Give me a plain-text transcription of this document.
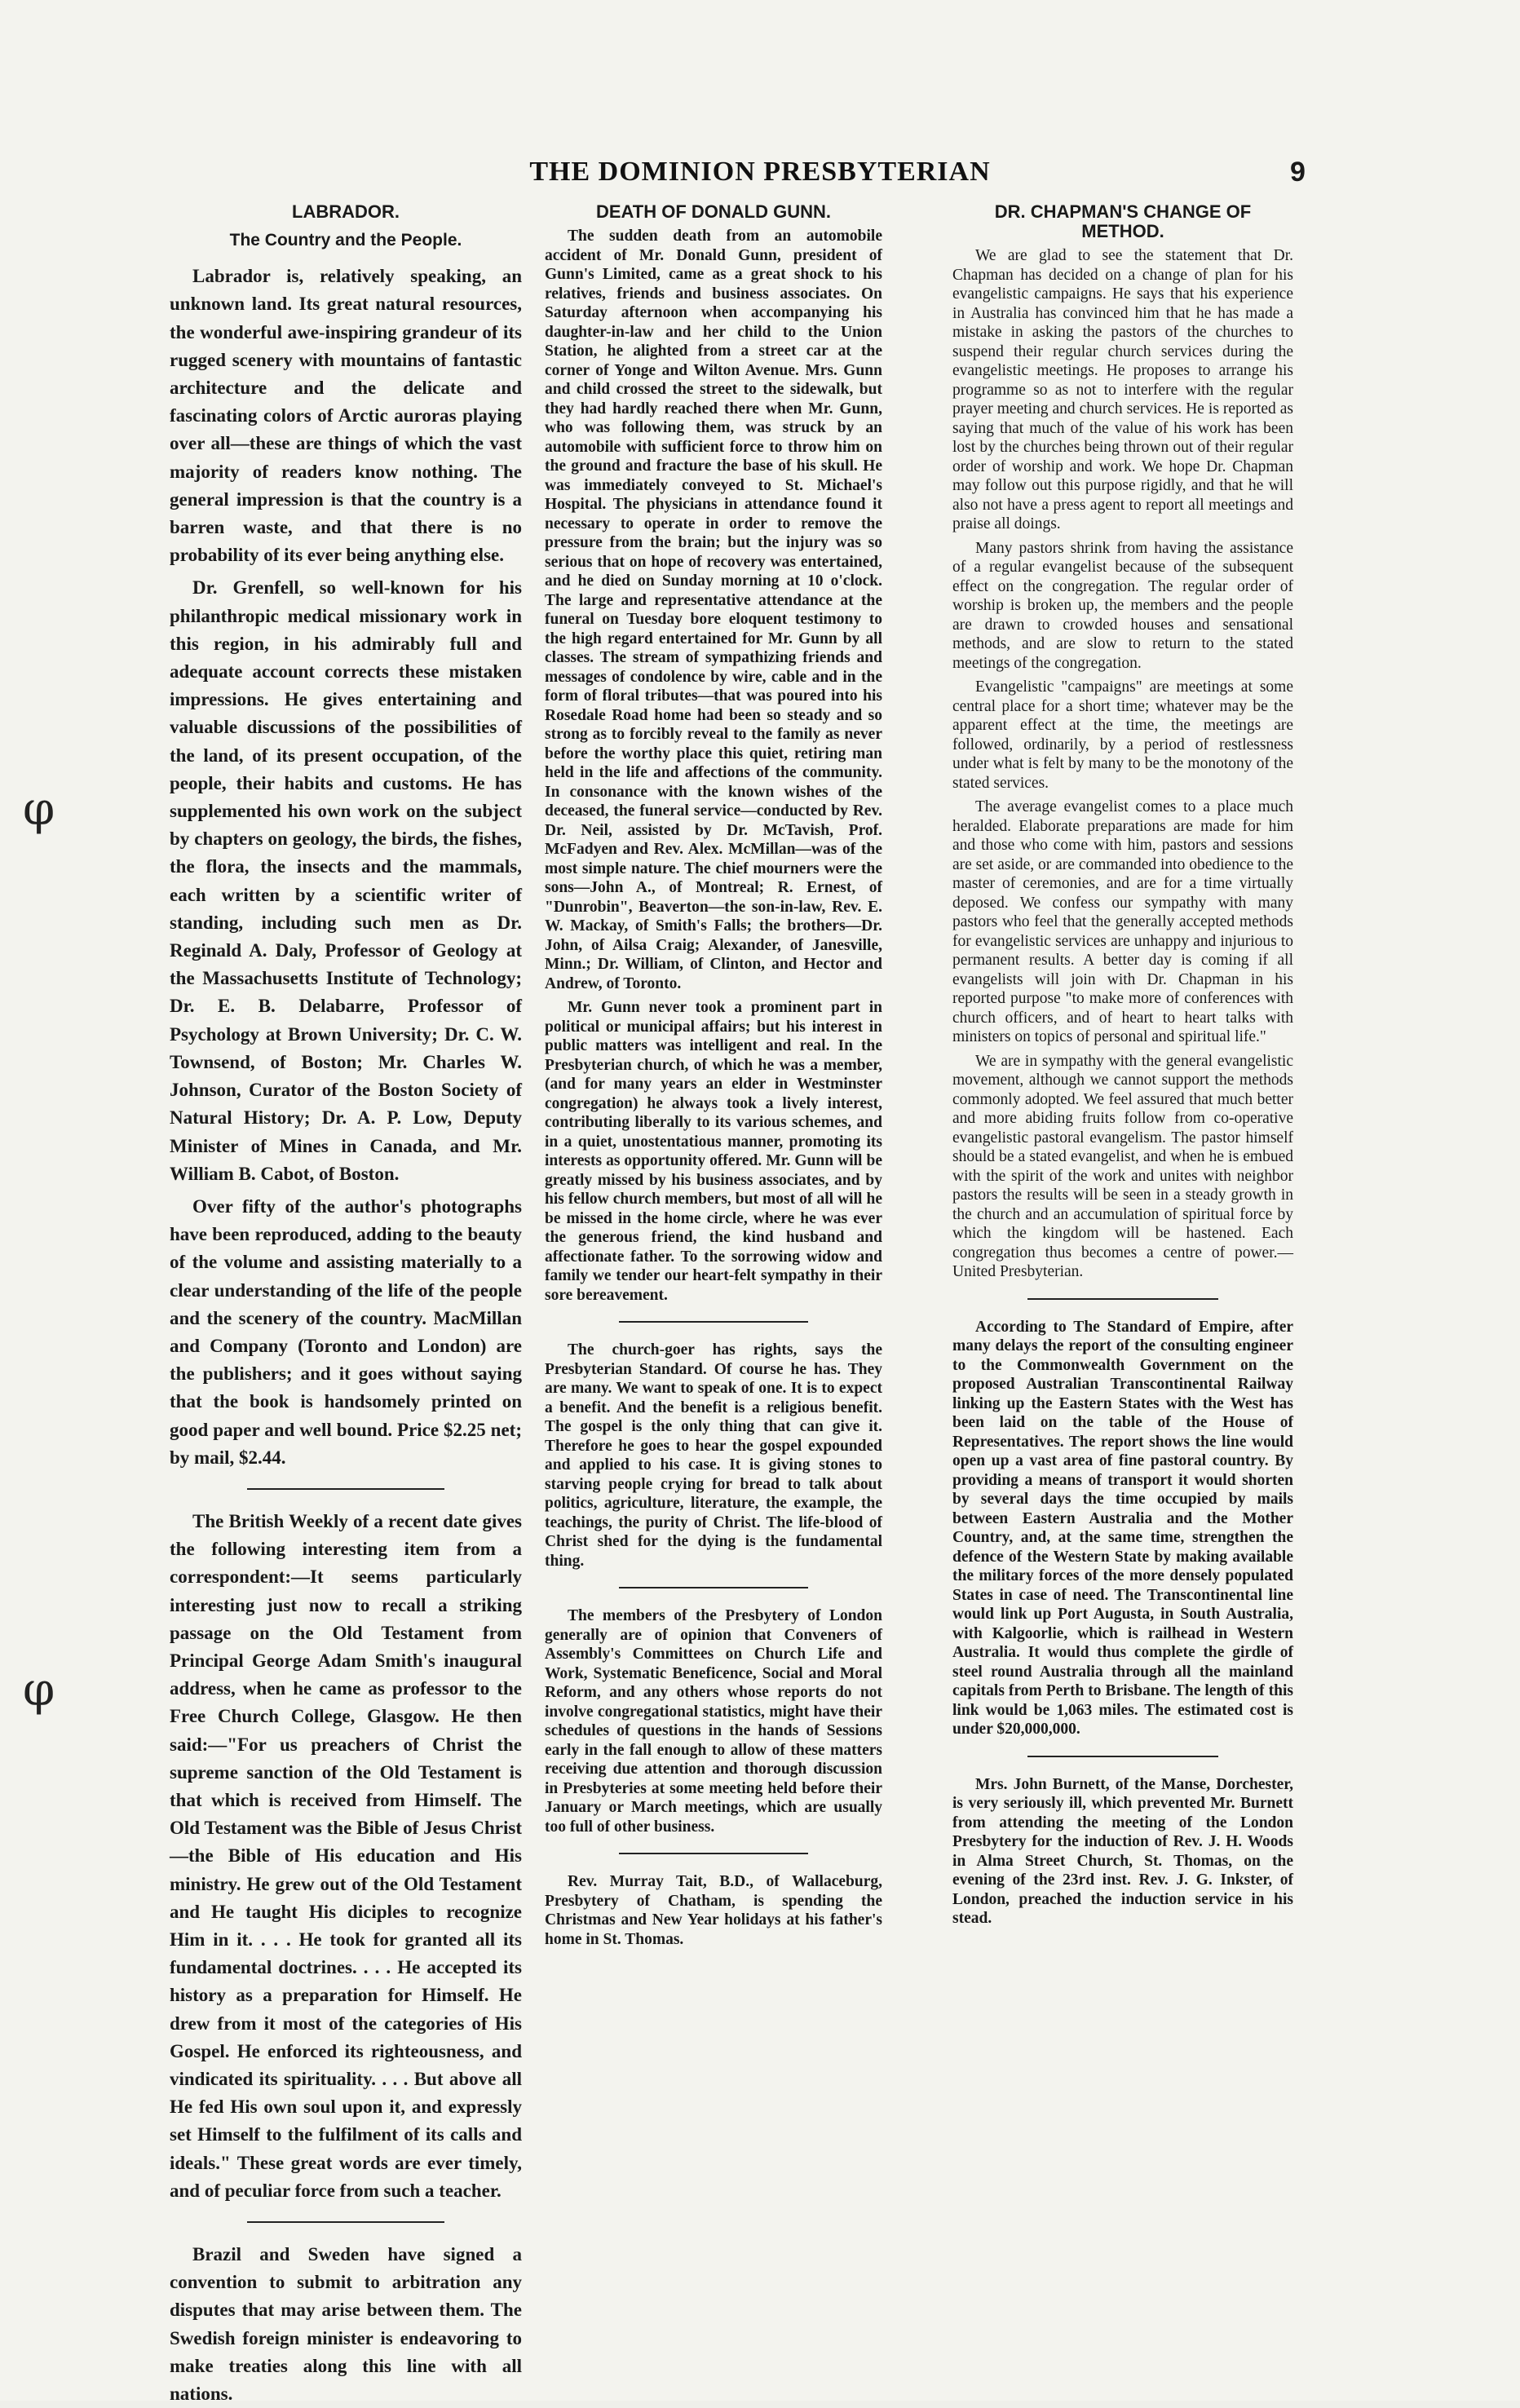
THE DOMINION PRESBYTERIAN	9
φ
φ
LABRADOR.
The Country and the People.

Labrador is, relatively speaking, an unknown land. Its great natural resources, the wonderful awe-inspiring grandeur of its rugged scenery with mountains of fantastic architecture and the delicate and fascinating colors of Arctic auroras playing over all—these are things of which the vast majority of readers know nothing. The general impression is that the country is a barren waste, and that there is no probability of its ever being anything else.

Dr. Grenfell, so well-known for his philanthropic medical missionary work in this region, in his admirably full and adequate account corrects these mistaken impressions. He gives entertaining and valuable discussions of the possibilities of the land, of its present occupation, of the people, their habits and customs. He has supplemented his own work on the subject by chapters on geology, the birds, the fishes, the flora, the insects and the mammals, each written by a scientific writer of standing, including such men as Dr. Reginald A. Daly, Professor of Geology at the Massachusetts Institute of Technology; Dr. E. B. Delabarre, Professor of Psychology at Brown University; Dr. C. W. Townsend, of Boston; Mr. Charles W. Johnson, Curator of the Boston Society of Natural History; Dr. A. P. Low, Deputy Minister of Mines in Canada, and Mr. William B. Cabot, of Boston.

Over fifty of the author's photographs have been reproduced, adding to the beauty of the volume and assisting materially to a clear understanding of the life of the people and the scenery of the country. MacMillan and Company (Toronto and London) are the publishers; and it goes without saying that the book is handsomely printed on good paper and well bound. Price $2.25 net; by mail, $2.44.

The British Weekly of a recent date gives the following interesting item from a correspondent:—It seems particularly interesting just now to recall a striking passage on the Old Testament from Principal George Adam Smith's inaugural address, when he came as professor to the Free Church College, Glasgow. He then said:—"For us preachers of Christ the supreme sanction of the Old Testament is that which is received from Himself. The Old Testament was the Bible of Jesus Christ—the Bible of His education and His ministry. He grew out of the Old Testament and He taught His diciples to recognize Him in it. . . . He took for granted all its fundamental doctrines. . . . He accepted its history as a preparation for Himself. He drew from it most of the categories of His Gospel. He enforced its righteousness, and vindicated its spirituality. . . . But above all He fed His own soul upon it, and expressly set Himself to the fulfilment of its calls and ideals." These great words are ever timely, and of peculiar force from such a teacher.

Brazil and Sweden have signed a convention to submit to arbitration any disputes that may arise between them. The Swedish foreign minister is endeavoring to make treaties along this line with all nations.

DEATH OF DONALD GUNN.

The sudden death from an automobile accident of Mr. Donald Gunn, president of Gunn's Limited, came as a great shock to his relatives, friends and business associates. On Saturday afternoon when accompanying his daughter-in-law and her child to the Union Station, he alighted from a street car at the corner of Yonge and Wilton Avenue. Mrs. Gunn and child crossed the street to the sidewalk, but they had hardly reached there when Mr. Gunn, who was following them, was struck by an automobile with sufficient force to throw him on the ground and fracture the base of his skull. He was immediately conveyed to St. Michael's Hospital. The physicians in attendance found it necessary to operate in order to remove the pressure from the brain; but the injury was so serious that on hope of recovery was entertained, and he died on Sunday morning at 10 o'clock. The large and representative attendance at the funeral on Tuesday bore eloquent testimony to the high regard entertained for Mr. Gunn by all classes. The stream of sympathizing friends and messages of condolence by wire, cable and in the form of floral tributes—that was poured into his Rosedale Road home had been so steady and so strong as to forcibly reveal to the family as never before the worthy place this quiet, retiring man held in the life and affections of the community. In consonance with the known wishes of the deceased, the funeral service—conducted by Rev. Dr. Neil, assisted by Dr. McTavish, Prof. McFadyen and Rev. Alex. McMillan—was of the most simple nature. The chief mourners were the sons—John A., of Montreal; R. Ernest, of "Dunrobin", Beaverton—the son-in-law, Rev. E. W. Mackay, of Smith's Falls; the brothers—Dr. John, of Ailsa Craig; Alexander, of Janesville, Minn.; Dr. William, of Clinton, and Hector and Andrew, of Toronto.

Mr. Gunn never took a prominent part in political or municipal affairs; but his interest in public matters was intelligent and real. In the Presbyterian church, of which he was a member, (and for many years an elder in Westminster congregation) he always took a lively interest, contributing liberally to its various schemes, and in a quiet, unostentatious manner, promoting its interests as opportunity offered. Mr. Gunn will be greatly missed by his business associates, and by his fellow church members, but most of all will he be missed in the home circle, where he was ever the generous friend, the kind husband and affectionate father. To the sorrowing widow and family we tender our heart-felt sympathy in their sore bereavement.

The church-goer has rights, says the Presbyterian Standard. Of course he has. They are many. We want to speak of one. It is to expect a benefit. And the benefit is a religious benefit. The gospel is the only thing that can give it. Therefore he goes to hear the gospel expounded and applied to his case. It is giving stones to starving people crying for bread to talk about politics, agriculture, literature, the example, the teachings, the purity of Christ. The life-blood of Christ shed for the dying is the fundamental thing.

The members of the Presbytery of London generally are of opinion that Conveners of Assembly's Committees on Church Life and Work, Systematic Beneficence, Social and Moral Reform, and any others whose reports do not involve congregational statistics, might have their schedules of questions in the hands of Sessions early in the fall enough to allow of these matters receiving due attention and thorough discussion in Presbyteries at some meeting held before their January or March meetings, which are usually too full of other business.

Rev. Murray Tait, B.D., of Wallaceburg, Presbytery of Chatham, is spending the Christmas and New Year holidays at his father's home in St. Thomas.

DR. CHAPMAN'S CHANGE OF METHOD.

We are glad to see the statement that Dr. Chapman has decided on a change of plan for his evangelistic campaigns. He says that his experience in Australia has convinced him that he has made a mistake in asking the pastors of the churches to suspend their regular church services during the evangelistic meetings. He proposes to arrange his programme so as not to interfere with the regular prayer meeting and church services. He is reported as saying that much of the value of his work has been lost by the churches being thrown out of their regular order of worship and work. We hope Dr. Chapman may follow out this purpose rigidly, and that he will also not have a press agent to report all meetings and praise all doings.

Many pastors shrink from having the assistance of a regular evangelist because of the subsequent effect on the congregation. The regular order of worship is broken up, the members and the people are drawn to crowded houses and sensational methods, and are slow to return to the stated meetings of the congregation.

Evangelistic "campaigns" are meetings at some central place for a short time; whatever may be the apparent effect at the time, the meetings are followed, ordinarily, by a period of restlessness under what is felt by many to be the monotony of the stated services.

The average evangelist comes to a place much heralded. Elaborate preparations are made for him and those who come with him, pastors and sessions are set aside, or are commanded into obedience to the master of ceremonies, and are for a time virtually deposed. We confess our sympathy with many pastors who feel that the generally accepted methods for evangelistic services are unhappy and injurious to permanent results. A better day is coming if all evangelists will join with Dr. Chapman in his reported purpose "to make more of conferences with church officers, and of heart to heart talks with ministers on topics of personal and spiritual life."

We are in sympathy with the general evangelistic movement, although we cannot support the methods commonly adopted. We feel assured that much better and more abiding fruits follow from co-operative evangelistic pastoral evangelism. The pastor himself should be a stated evangelist, and when he is embued with the spirit of the work and unites with neighbor pastors the results will be seen in a steady growth in the church and an accumulation of spiritual force by which the kingdom will be hastened. Each congregation thus becomes a centre of power.—United Presbyterian.

According to The Standard of Empire, after many delays the report of the consulting engineer to the Commonwealth Government on the proposed Australian Transcontinental Railway linking up the Eastern States with the West has been laid on the table of the House of Representatives. The report shows the line would open up a vast area of fine pastoral country. By providing a means of transport it would shorten by several days the time occupied by mails between Eastern Australia and the Mother Country, and, at the same time, strengthen the defence of the Western State by making available the military forces of the more densely populated States in case of need. The Transcontinental line would link up Port Augusta, in South Australia, with Kalgoorlie, which is railhead in Western Australia. It would thus complete the girdle of steel round Australia through all the mainland capitals from Perth to Brisbane. The length of this link would be 1,063 miles. The estimated cost is under $20,000,000.

Mrs. John Burnett, of the Manse, Dorchester, is very seriously ill, which prevented Mr. Burnett from attending the meeting of the London Presbytery for the induction of Rev. J. H. Woods in Alma Street Church, St. Thomas, on the evening of the 23rd inst. Rev. J. G. Inkster, of London, preached the induction service in his stead.
